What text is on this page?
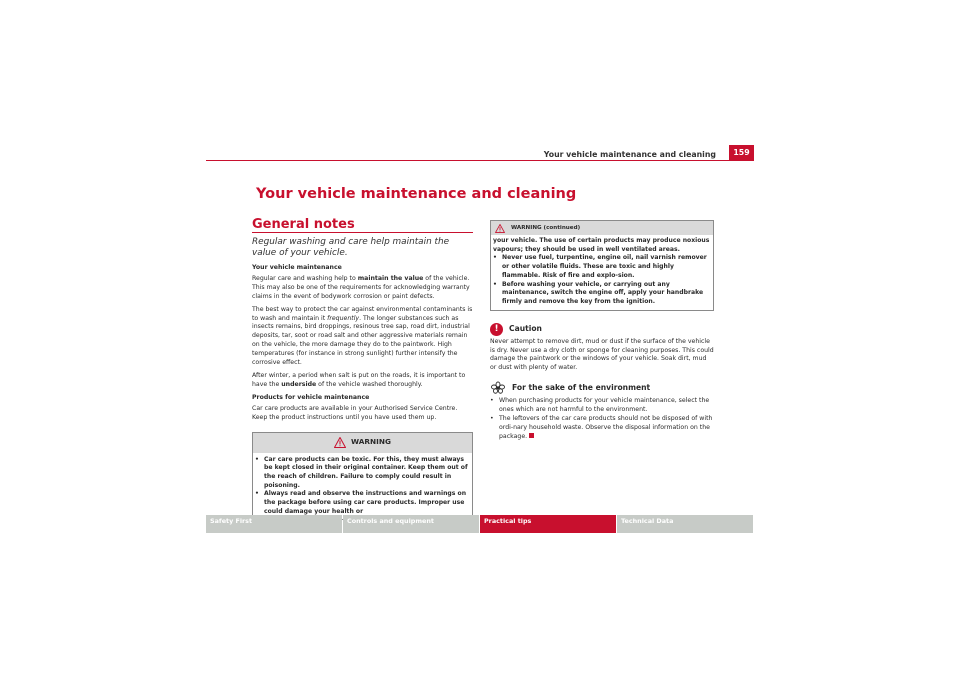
Your vehicle maintenance and cleaning	159
Your vehicle maintenance and cleaning
General notes

Regular washing and care help maintain the value of your vehicle.

Your vehicle maintenance

Regular care and washing help to maintain the value of the vehicle. This may also be one of the requirements for acknowledging warranty claims in the event of bodywork corrosion or paint defects.

The best way to protect the car against environmental contaminants is to wash and maintain it frequently. The longer substances such as insects remains, bird droppings, resinous tree sap, road dirt, industrial deposits, tar, soot or road salt and other aggressive materials remain on the vehicle, the more damage they do to the paintwork. High temperatures (for instance in strong sunlight) further intensify the corrosive effect.

After winter, a period when salt is put on the roads, it is important to have the underside of the vehicle washed thoroughly.

Products for vehicle maintenance

Car care products are available in your Authorised Service Centre. Keep the product instructions until you have used them up.

WARNING
• Car care products can be toxic. For this, they must always be kept closed in their original container. Keep them out of the reach of children. Failure to comply could result in poisoning.
• Always read and observe the instructions and warnings on the package before using car care products. Improper use could damage your health or
WARNING (continued)
your vehicle. The use of certain products may produce noxious vapours; they should be used in well ventilated areas.
• Never use fuel, turpentine, engine oil, nail varnish remover or other volatile fluids. These are toxic and highly flammable. Risk of fire and explo-sion.
• Before washing your vehicle, or carrying out any maintenance, switch the engine off, apply your handbrake firmly and remove the key from the ignition.
!	Caution

Never attempt to remove dirt, mud or dust if the surface of the vehicle is dry. Never use a dry cloth or sponge for cleaning purposes. This could damage the paintwork or the windows of your vehicle. Soak dirt, mud or dust with plenty of water.

For the sake of the environment
• When purchasing products for your vehicle maintenance, select the ones which are not harmful to the environment.
• The leftovers of the car care products should not be disposed of with ordi-nary household waste. Observe the disposal information on the package.
Safety First	Controls and equipment	Practical tips	Technical Data
